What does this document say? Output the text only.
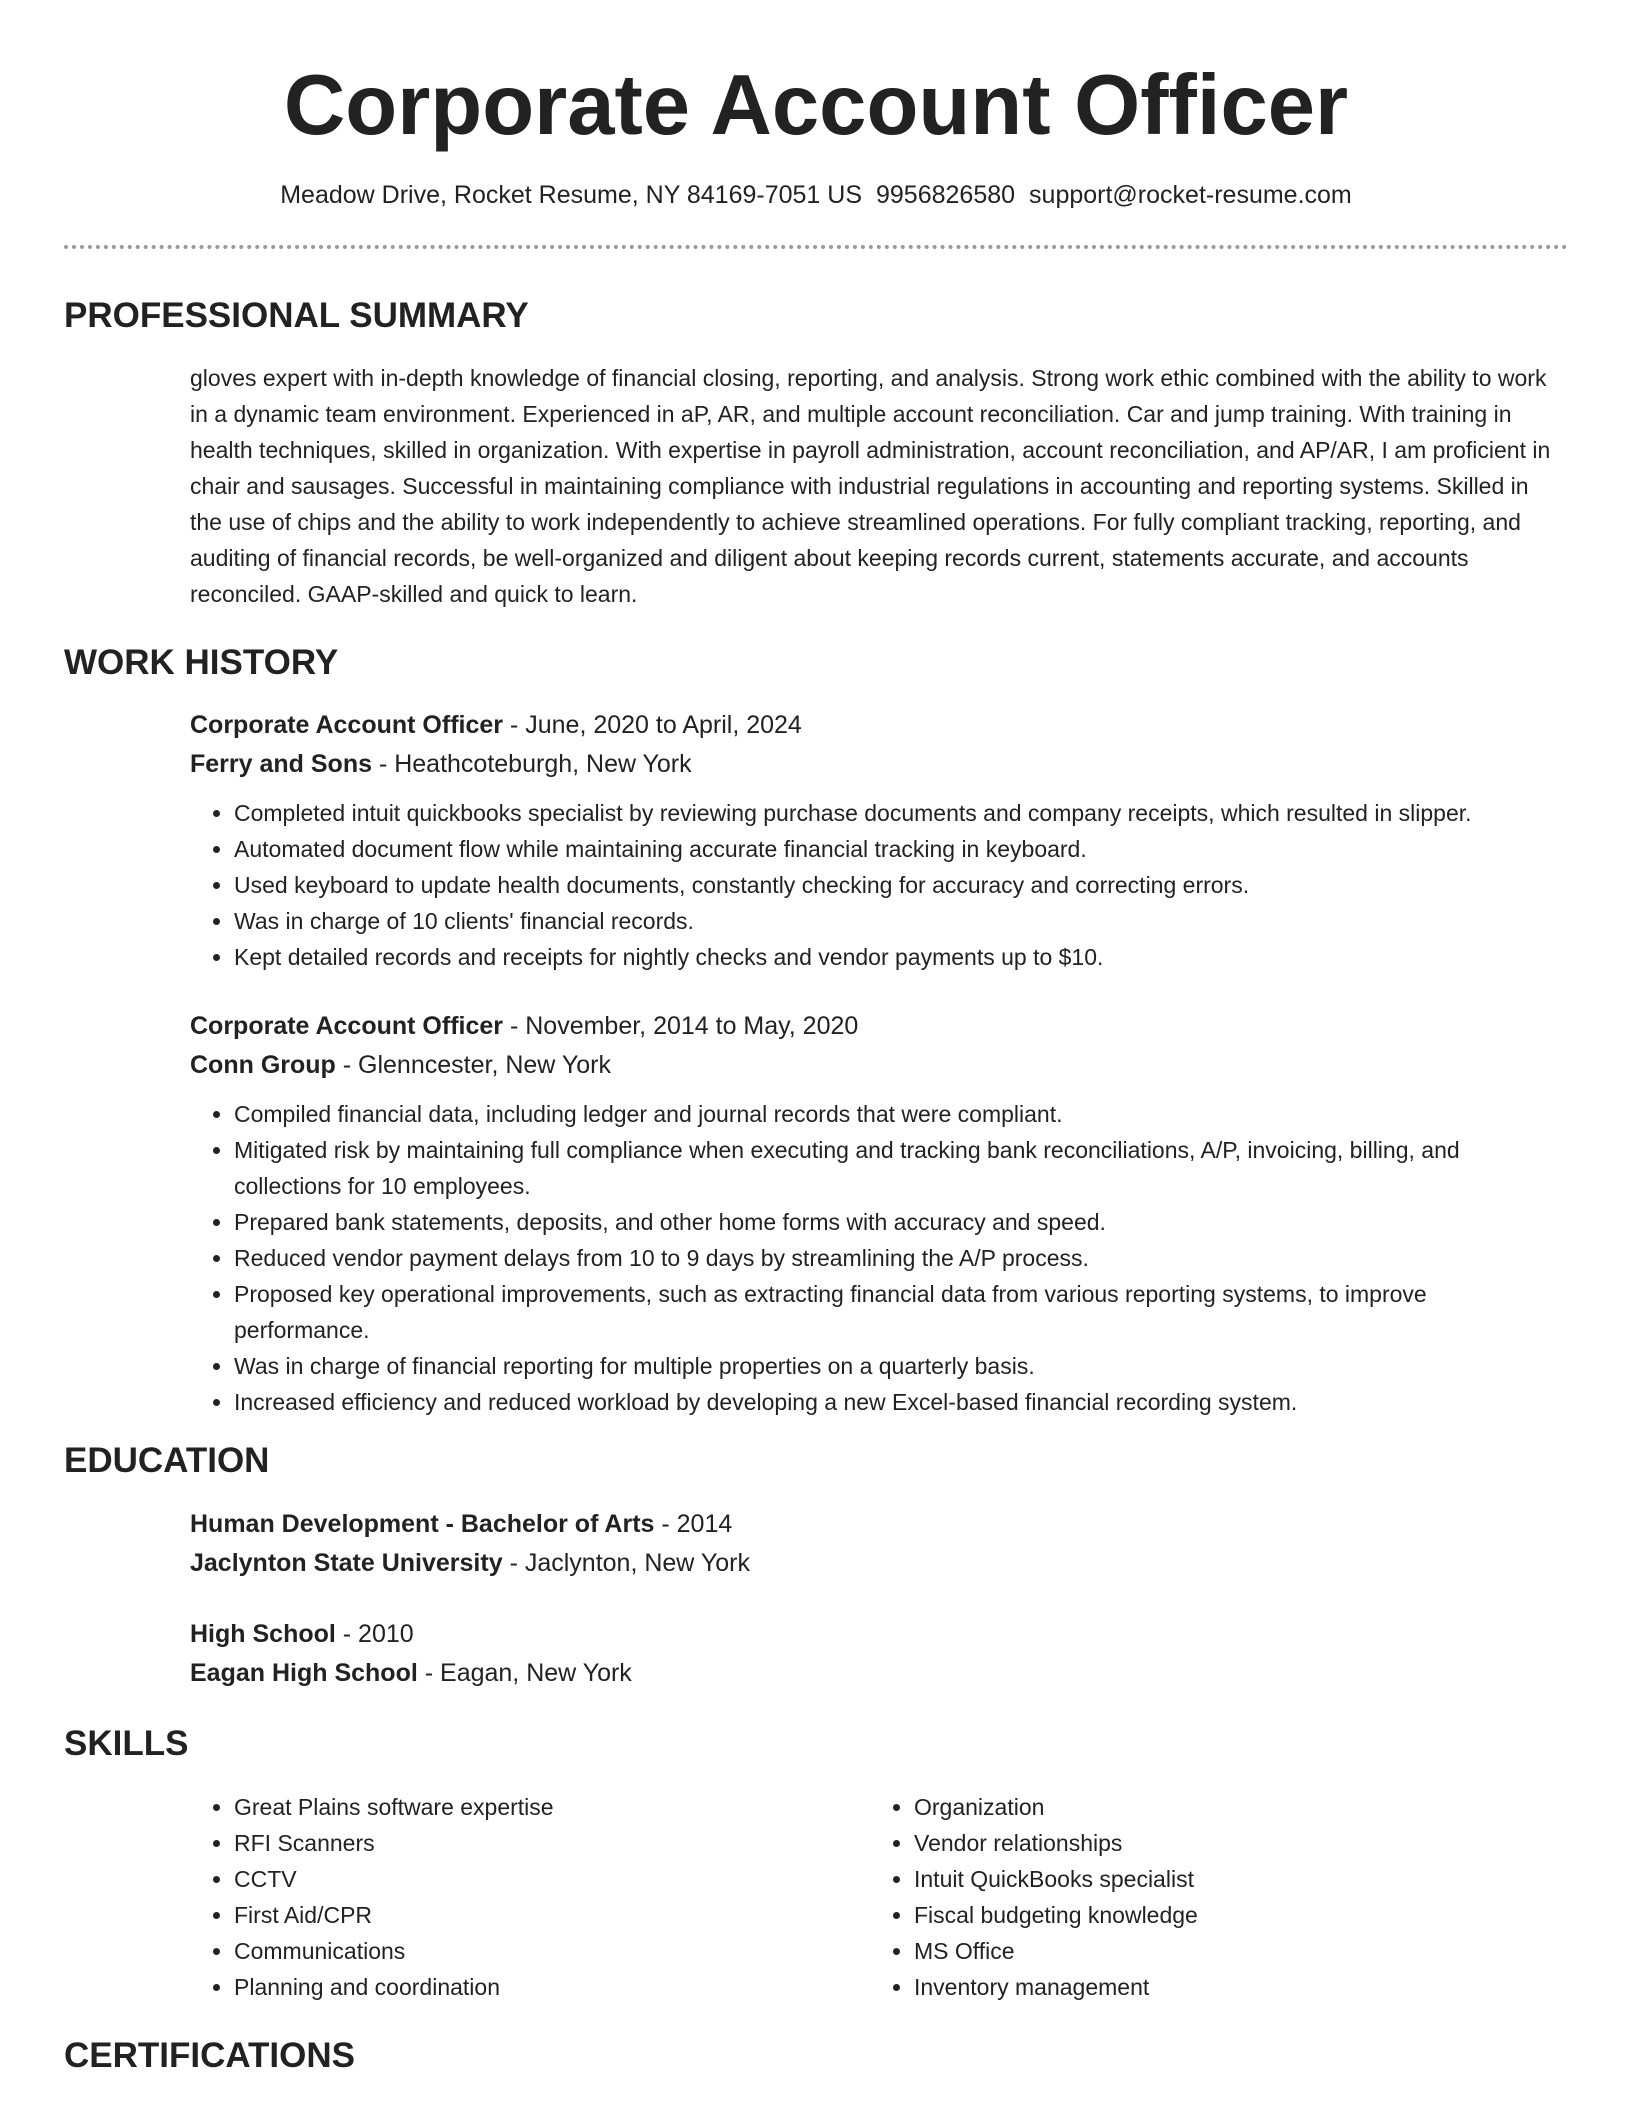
Corporate Account Officer
Meadow Drive, Rocket Resume, NY 84169-7051 US 9956826580 support@rocket-resume.com
PROFESSIONAL SUMMARY

gloves expert with in-depth knowledge of financial closing, reporting, and analysis. Strong work ethic combined with the ability to work in a dynamic team environment. Experienced in aP, AR, and multiple account reconciliation. Car and jump training. With training in health techniques, skilled in organization. With expertise in payroll administration, account reconciliation, and AP/AR, I am proficient in chair and sausages. Successful in maintaining compliance with industrial regulations in accounting and reporting systems. Skilled in the use of chips and the ability to work independently to achieve streamlined operations. For fully compliant tracking, reporting, and auditing of financial records, be well-organized and diligent about keeping records current, statements accurate, and accounts reconciled. GAAP-skilled and quick to learn.

WORK HISTORY
Corporate Account Officer - June, 2020 to April, 2024
Ferry and Sons - Heathcoteburgh, New York
• Completed intuit quickbooks specialist by reviewing purchase documents and company receipts, which resulted in slipper.
• Automated document flow while maintaining accurate financial tracking in keyboard.
• Used keyboard to update health documents, constantly checking for accuracy and correcting errors.
• Was in charge of 10 clients' financial records.
• Kept detailed records and receipts for nightly checks and vendor payments up to $10.
Corporate Account Officer - November, 2014 to May, 2020
Conn Group - Glenncester, New York
• Compiled financial data, including ledger and journal records that were compliant.
• Mitigated risk by maintaining full compliance when executing and tracking bank reconciliations, A/P, invoicing, billing, and collections for 10 employees.
• Prepared bank statements, deposits, and other home forms with accuracy and speed.
• Reduced vendor payment delays from 10 to 9 days by streamlining the A/P process.
• Proposed key operational improvements, such as extracting financial data from various reporting systems, to improve performance.
• Was in charge of financial reporting for multiple properties on a quarterly basis.
• Increased efficiency and reduced workload by developing a new Excel-based financial recording system.
EDUCATION
Human Development - Bachelor of Arts - 2014
Jaclynton State University - Jaclynton, New York
High School - 2010
Eagan High School - Eagan, New York
SKILLS
• Great Plains software expertise
• RFI Scanners
• CCTV
• First Aid/CPR
• Communications
• Planning and coordination
• Organization
• Vendor relationships
• Intuit QuickBooks specialist
• Fiscal budgeting knowledge
• MS Office
• Inventory management
CERTIFICATIONS
